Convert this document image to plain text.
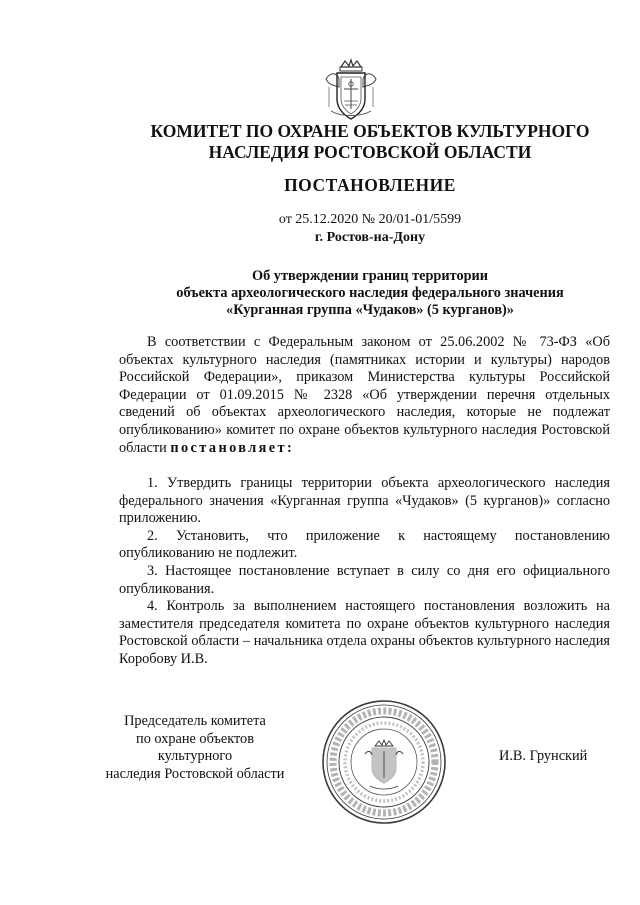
КОМИТЕТ ПО ОХРАНЕ ОБЪЕКТОВ КУЛЬТУРНОГО
НАСЛЕДИЯ РОСТОВСКОЙ ОБЛАСТИ
ПОСТАНОВЛЕНИЕ
от 25.12.2020 № 20/01-01/5599
г. Ростов-на-Дону
Об утверждении границ территории
объекта археологического наследия федерального значения
«Курганная группа «Чудаков» (5 курганов)»

В соответствии с Федеральным законом от 25.06.2002 № 73-ФЗ «Об объектах культурного наследия (памятниках истории и культуры) народов Российской Федерации», приказом Министерства культуры Российской Федерации от 01.09.2015 № 2328 «Об утверждении перечня отдельных сведений об объектах археологического наследия, которые не подлежат опубликованию» комитет по охране объектов культурного наследия Ростовской области постановляет:

1. Утвердить границы территории объекта археологического наследия федерального значения «Курганная группа «Чудаков» (5 курганов)» согласно приложению.

2. Установить, что приложение к настоящему постановлению опубликованию не подлежит.

3. Настоящее постановление вступает в силу со дня его официального опубликования.

4. Контроль за выполнением настоящего постановления возложить на заместителя председателя комитета по охране объектов культурного наследия Ростовской области – начальника отдела охраны объектов культурного наследия Коробову И.В.

Председатель комитета
по охране объектов культурного
наследия Ростовской области
И.В. Грунский
